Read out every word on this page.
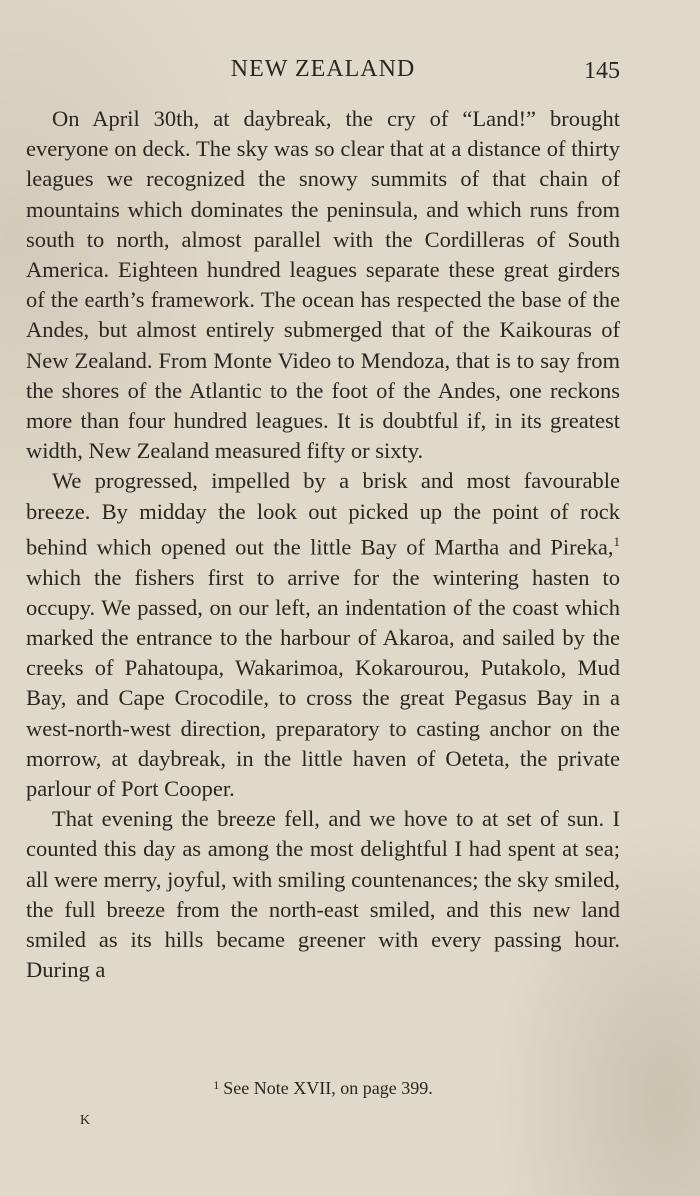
NEW ZEALAND	145

On April 30th, at daybreak, the cry of “Land!” brought everyone on deck. The sky was so clear that at a distance of thirty leagues we recognized the snowy summits of that chain of mountains which dominates the peninsula, and which runs from south to north, almost parallel with the Cordilleras of South America. Eighteen hundred leagues separate these great girders of the earth’s framework. The ocean has respected the base of the Andes, but almost entirely submerged that of the Kaikouras of New Zealand. From Monte Video to Mendoza, that is to say from the shores of the Atlantic to the foot of the Andes, one reckons more than four hundred leagues. It is doubtful if, in its greatest width, New Zealand measured fifty or sixty.

We progressed, impelled by a brisk and most favourable breeze. By midday the look out picked up the point of rock behind which opened out the little Bay of Martha and Pireka,$^1$ which the fishers first to arrive for the wintering hasten to occupy. We passed, on our left, an indentation of the coast which marked the entrance to the harbour of Akaroa, and sailed by the creeks of Pahatoupa, Wakarimoa, Kokarourou, Putakolo, Mud Bay, and Cape Crocodile, to cross the great Pegasus Bay in a west-north-west direction, preparatory to casting anchor on the morrow, at daybreak, in the little haven of Oeteta, the private parlour of Port Cooper.

That evening the breeze fell, and we hove to at set of sun. I counted this day as among the most delightful I had spent at sea; all were merry, joyful, with smiling countenances; the sky smiled, the full breeze from the north-east smiled, and this new land smiled as its hills became greener with every passing hour. During a

$^1$ See Note XVII, on page 399.
K
